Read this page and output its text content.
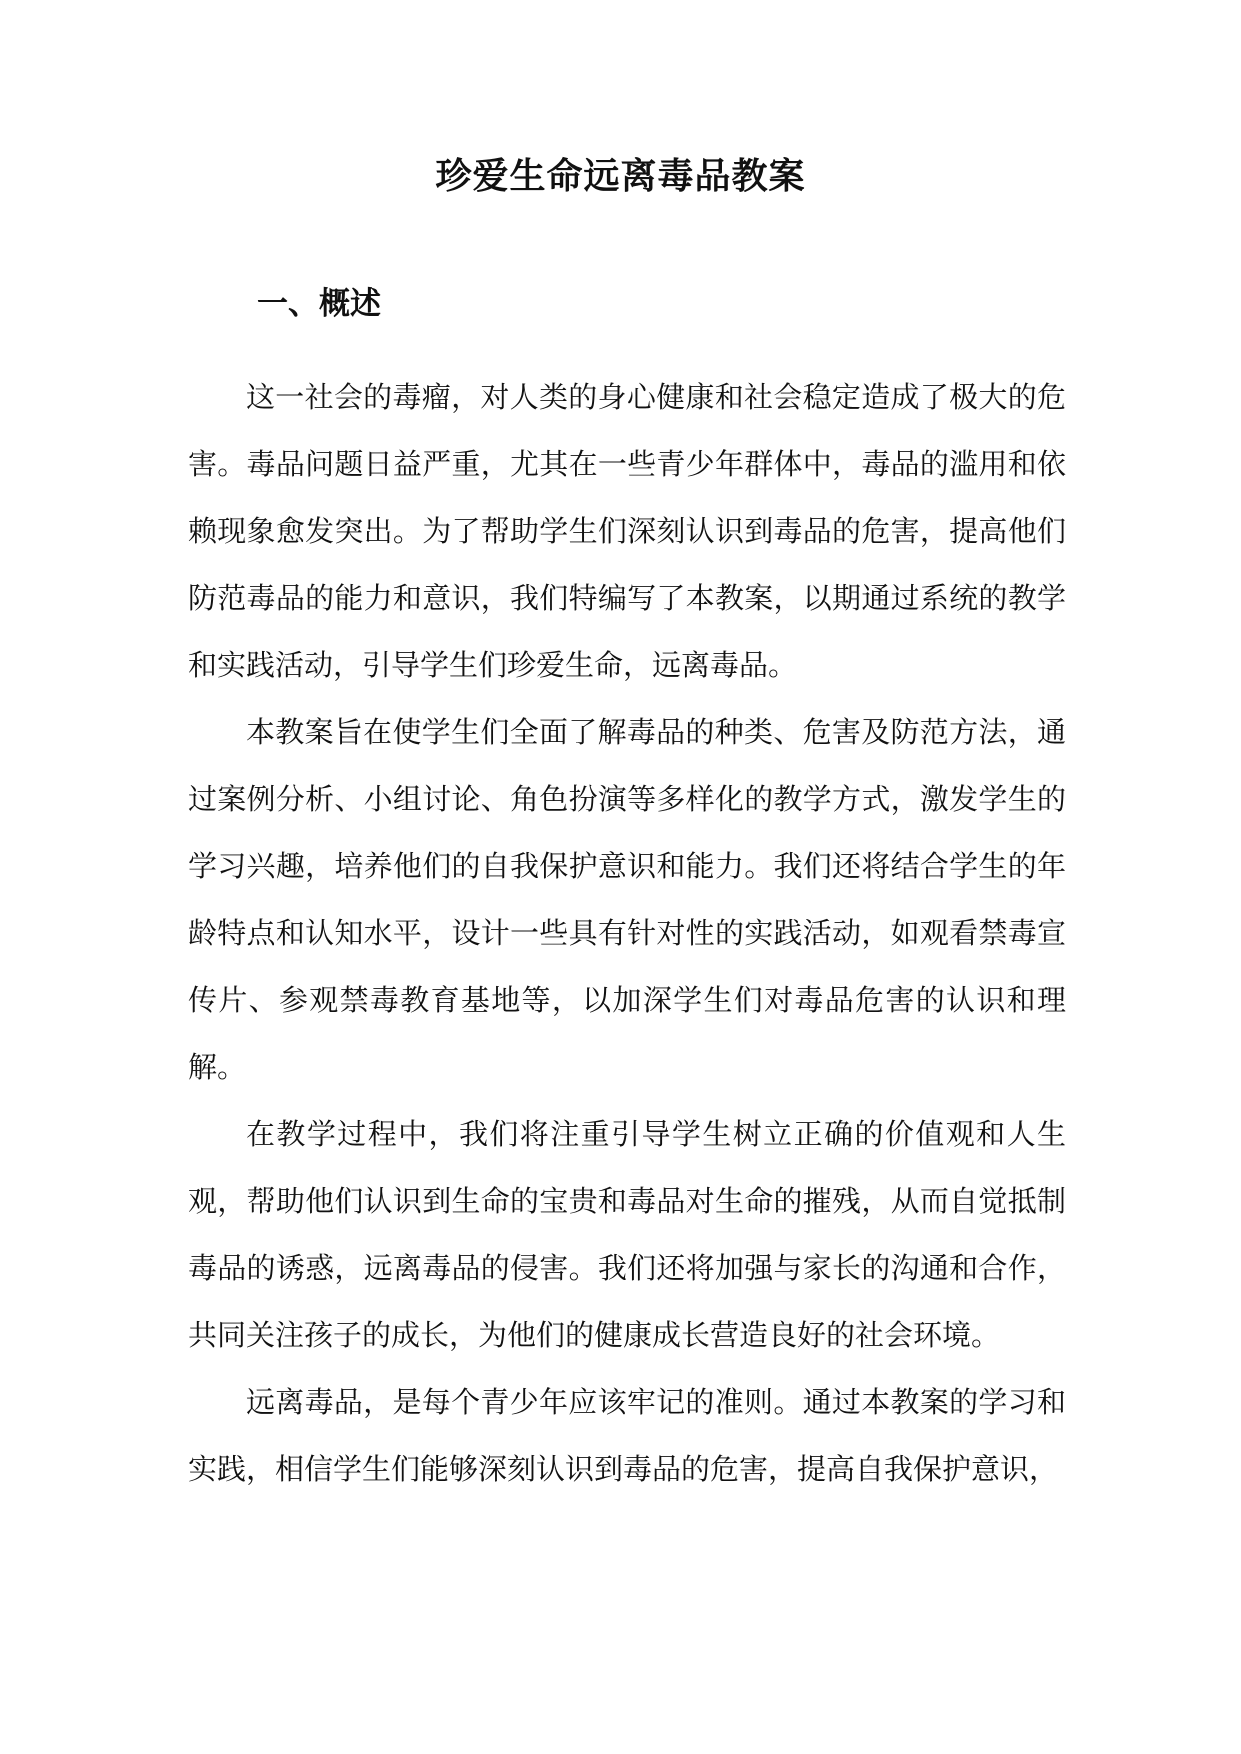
珍爱生命远离毒品教案
一、概述

这一社会的毒瘤，对人类的身心健康和社会稳定造成了极大的危害。毒品问题日益严重，尤其在一些青少年群体中，毒品的滥用和依赖现象愈发突出。为了帮助学生们深刻认识到毒品的危害，提高他们防范毒品的能力和意识，我们特编写了本教案，以期通过系统的教学和实践活动，引导学生们珍爱生命，远离毒品。

本教案旨在使学生们全面了解毒品的种类、危害及防范方法，通过案例分析、小组讨论、角色扮演等多样化的教学方式，激发学生的学习兴趣，培养他们的自我保护意识和能力。我们还将结合学生的年龄特点和认知水平，设计一些具有针对性的实践活动，如观看禁毒宣传片、参观禁毒教育基地等，以加深学生们对毒品危害的认识和理解。

在教学过程中，我们将注重引导学生树立正确的价值观和人生观，帮助他们认识到生命的宝贵和毒品对生命的摧残，从而自觉抵制毒品的诱惑，远离毒品的侵害。我们还将加强与家长的沟通和合作，共同关注孩子的成长，为他们的健康成长营造良好的社会环境。

远离毒品，是每个青少年应该牢记的准则。通过本教案的学习和实践，相信学生们能够深刻认识到毒品的危害，提高自我保护意识，
